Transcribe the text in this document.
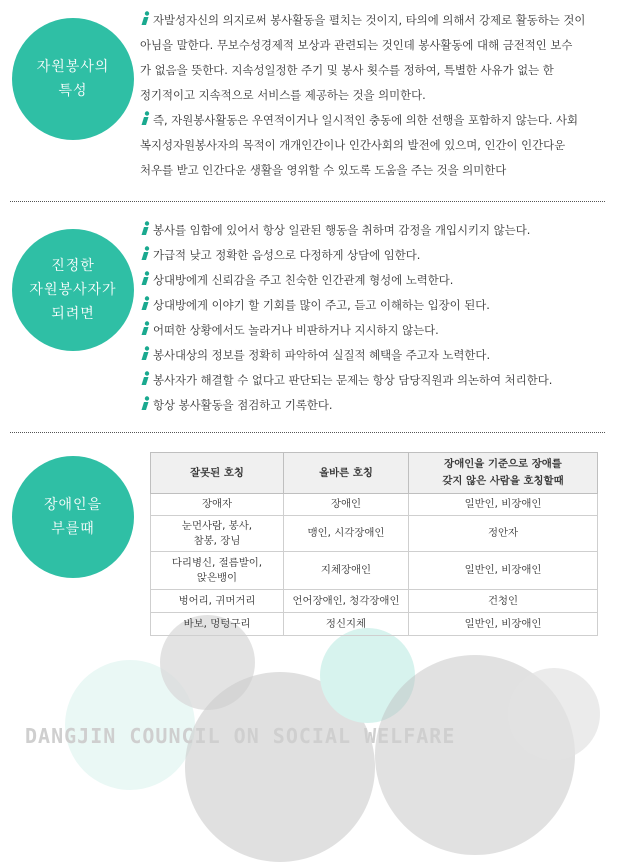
자원봉사의
특성

자발성자신의 의지로써 봉사활동을 펼치는 것이지, 타의에 의해서 강제로 활동하는 것이
아님을 말한다. 무보수성경제적 보상과 관련되는 것인데 봉사활동에 대해 금전적인 보수
가 없음을 뜻한다. 지속성일정한 주기 및 봉사 횟수를 정하여, 특별한 사유가 없는 한
정기적이고 지속적으로 서비스를 제공하는 것을 의미한다.

즉, 자원봉사활동은 우연적이거나 일시적인 충동에 의한 선행을 포함하지 않는다. 사회
복지성자원봉사자의 목적이 개개인간이나 인간사회의 발전에 있으며, 인간이 인간다운
처우를 받고 인간다운 생활을 영위할 수 있도록 도움을 주는 것을 의미한다

진정한
자원봉사자가
되려면
봉사를 임함에 있어서 항상 일관된 행동을 취하며 감정을 개입시키지 않는다.
가급적 낮고 정확한 음성으로 다정하게 상담에 임한다.
상대방에게 신뢰감을 주고 친숙한 인간관계 형성에 노력한다.
상대방에게 이야기 할 기회를 많이 주고, 듣고 이해하는 입장이 된다.
어떠한 상황에서도 놀라거나 비판하거나 지시하지 않는다.
봉사대상의 정보를 정확히 파악하여 실질적 혜택을 주고자 노력한다.
봉사자가 해결할 수 없다고 판단되는 문제는 항상 담당직원과 의논하여 처리한다.
항상 봉사활동을 점검하고 기록한다.
장애인을
부를때
잘못된 호칭	올바른 호칭	장애인을 기준으로 장애를
갖지 않은 사람을 호칭할때
장애자	장애인	일반인, 비장애인
눈먼사람, 봉사,
참봉, 장님	맹인, 시각장애인	정안자
다리병신, 절름발이,
앉은뱅이	지체장애인	일반인, 비장애인
벙어리, 귀머거리	언어장애인, 청각장애인	건청인
바보, 멍텅구리	정신지체	일반인, 비장애인
DANGJIN COUNCIL ON SOCIAL WELFARE
